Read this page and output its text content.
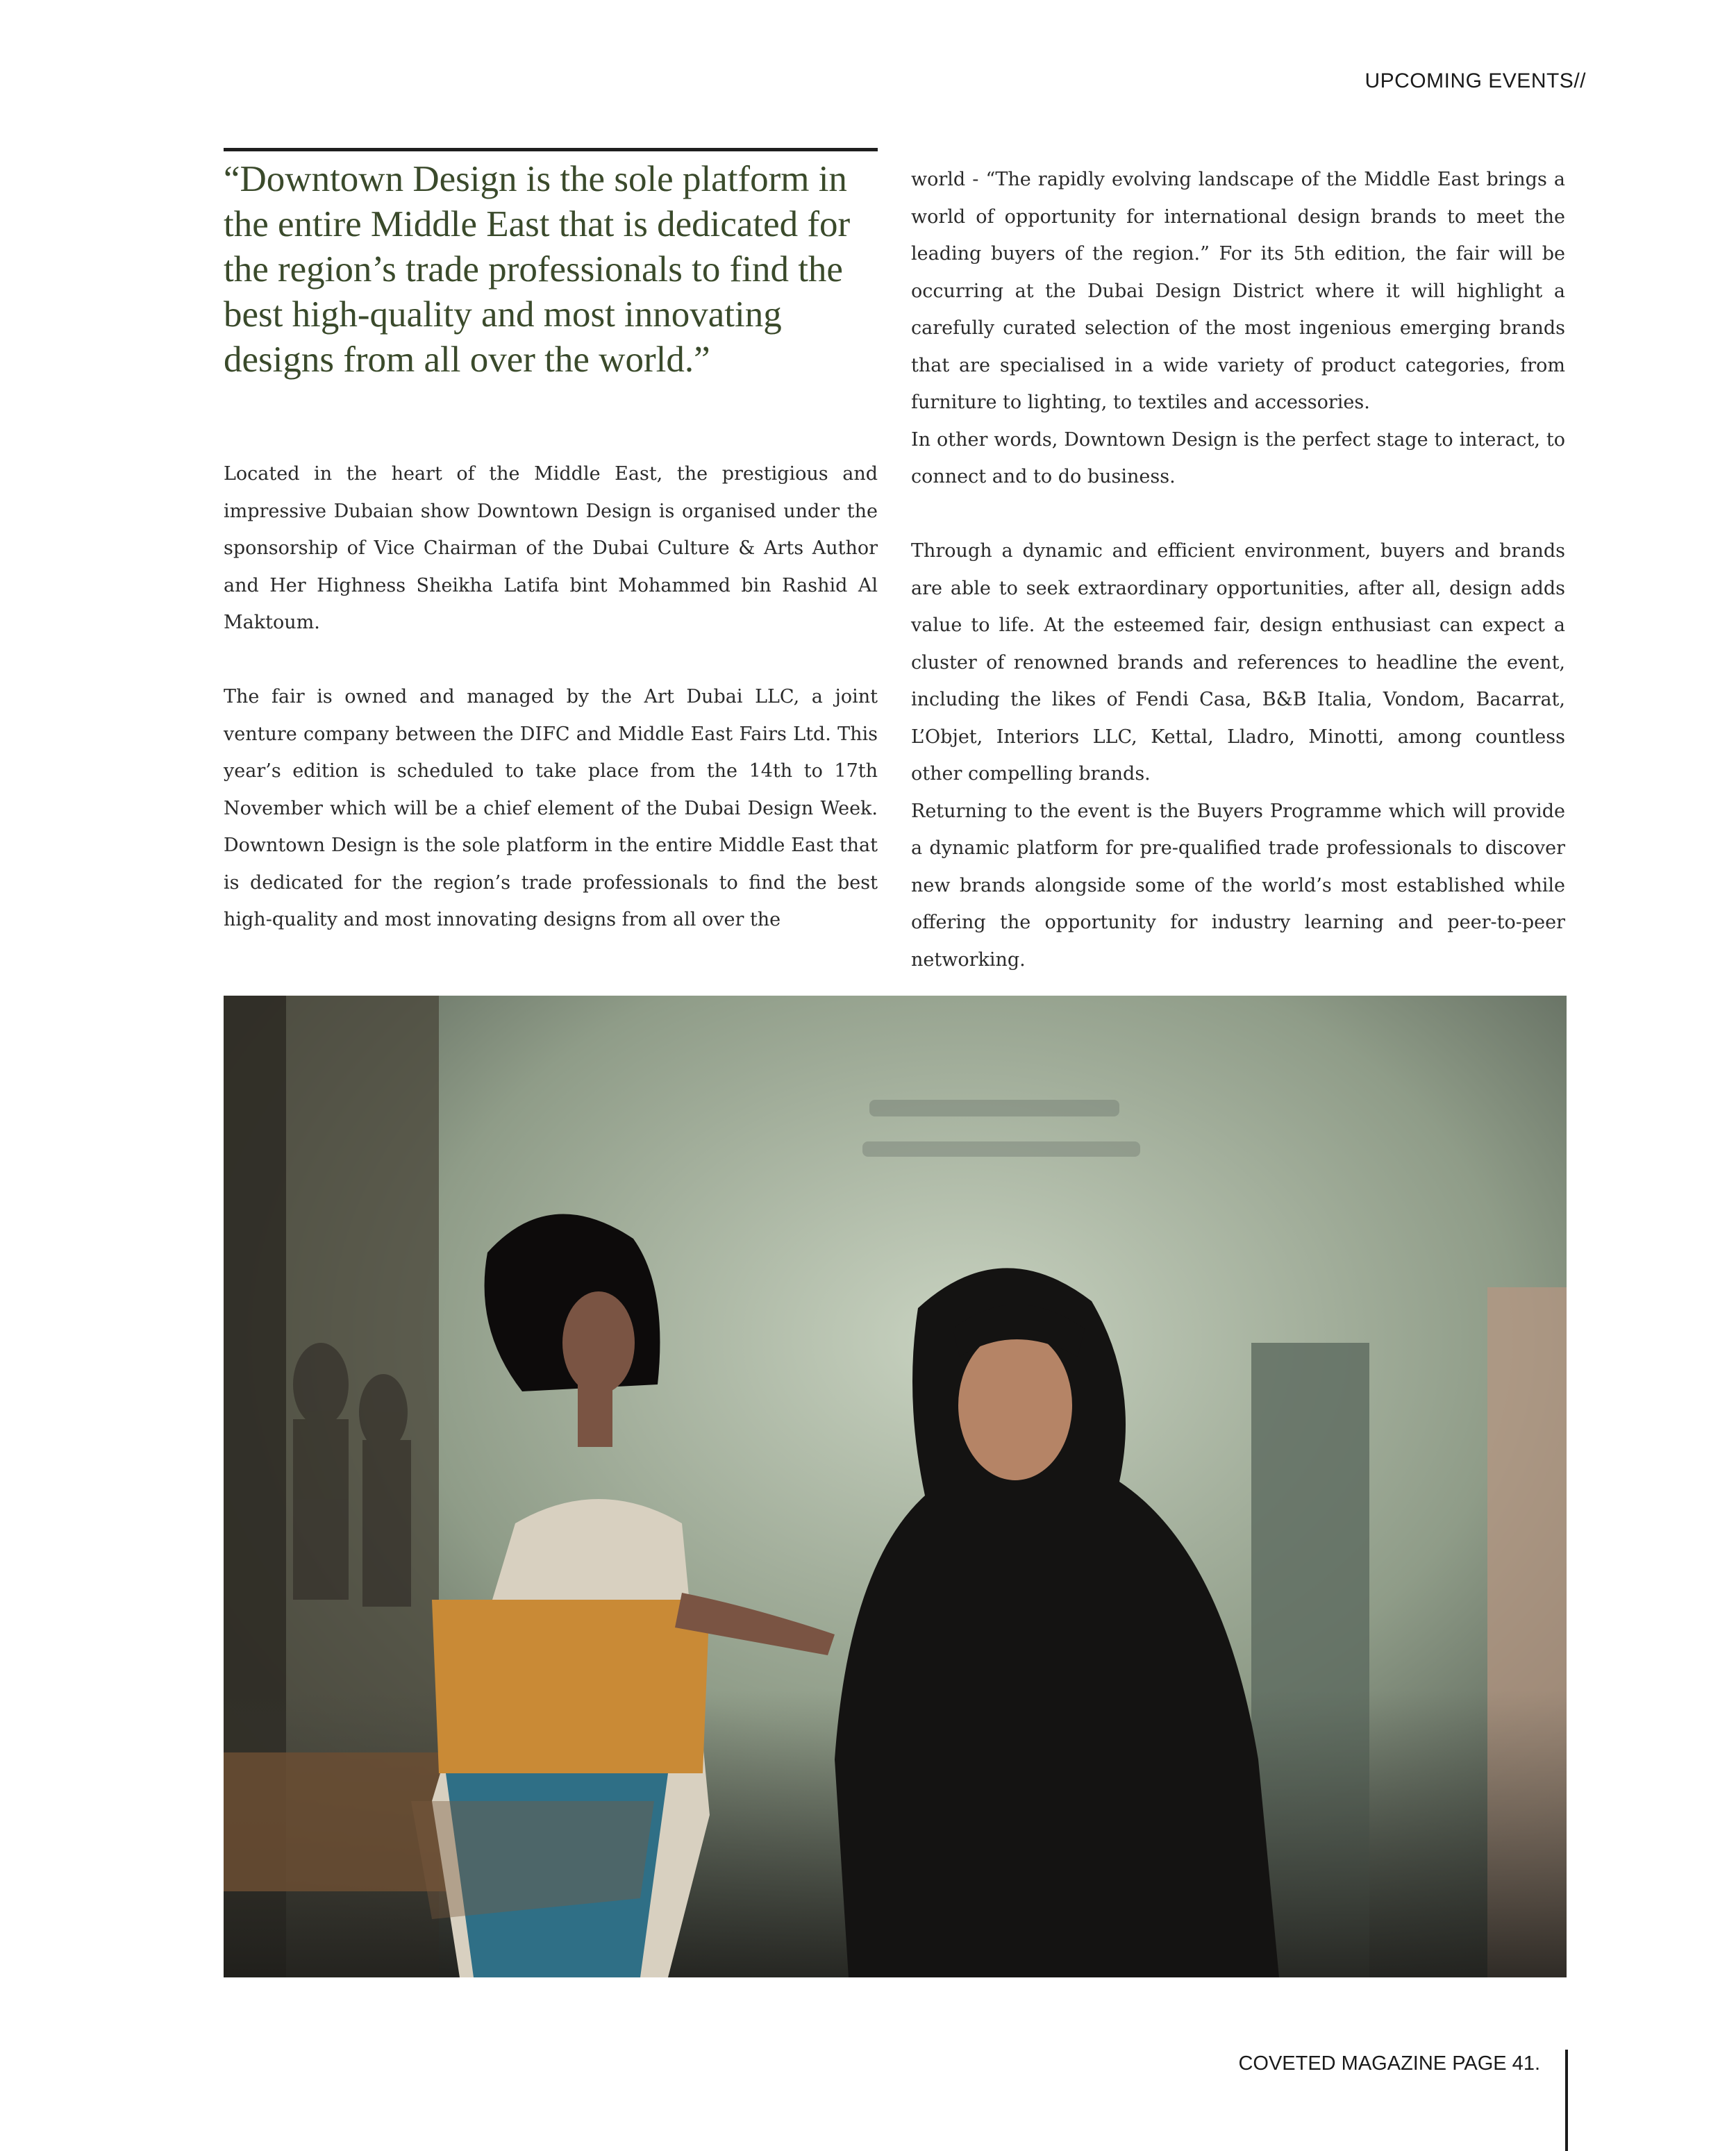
UPCOMING EVENTS//

“Downtown Design is the sole platform in the entire Middle East that is dedicated for the region’s trade professionals to find the best high-quality and most innovating designs from all over the world.”

Located in the heart of the Middle East, the prestigious and impressive Dubaian show Downtown Design is organised under the sponsorship of Vice Chairman of the Dubai Culture & Arts Author and Her Highness Sheikha Latifa bint Mohammed bin Rashid Al Maktoum.

The fair is owned and managed by the Art Dubai LLC, a joint venture company between the DIFC and Middle East Fairs Ltd. This year’s edition is scheduled to take place from the 14th to 17th November which will be a chief element of the Dubai Design Week. Downtown Design is the sole platform in the entire Middle East that is dedicated for the region’s trade professionals to find the best high-quality and most innovating designs from all over the

world - “The rapidly evolving landscape of the Middle East brings a world of opportunity for international design brands to meet the leading buyers of the region.” For its 5th edition, the fair will be occurring at the Dubai Design District where it will highlight a carefully curated selection of the most ingenious emerging brands that are specialised in a wide variety of product categories, from furniture to lighting, to textiles and accessories.

In other words, Downtown Design is the perfect stage to interact, to connect and to do business.

Through a dynamic and efficient environment, buyers and brands are able to seek extraordinary opportunities, after all, design adds value to life. At the esteemed fair, design enthusiast can expect a cluster of renowned brands and references to headline the event, including the likes of Fendi Casa, B&B Italia, Vondom, Bacarrat, L’Objet, Interiors LLC, Kettal, Lladro, Minotti, among countless other compelling brands.

Returning to the event is the Buyers Programme which will provide a dynamic platform for pre-qualified trade professionals to discover new brands alongside some of the world’s most established while offering the opportunity for industry learning and peer-to-peer networking.

COVETED MAGAZINE PAGE 41.
